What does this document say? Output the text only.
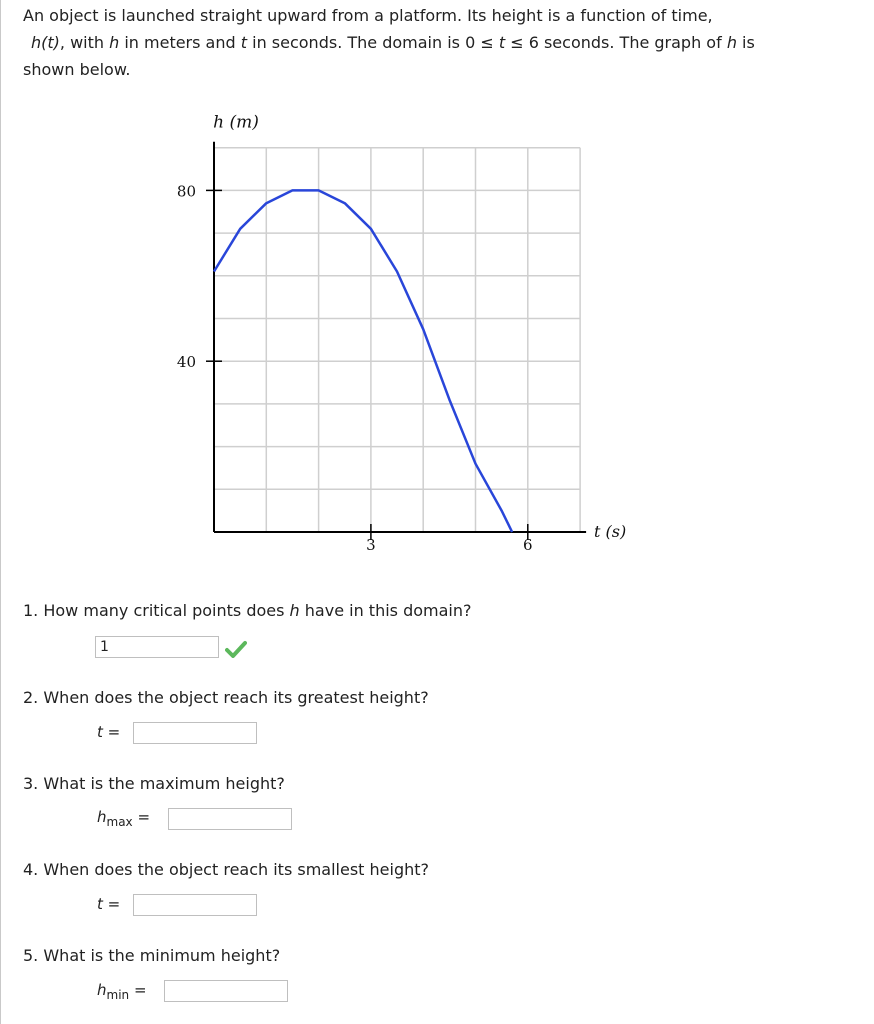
An object is launched straight upward from a platform. Its height is a function of time,
h(t), with h in meters and t in seconds. The domain is 0 ≤ t ≤ 6 seconds. The graph of h is
shown below.
40
80
3	6
h (m)
t (s)
1. How many critical points does h have in this domain?
1
2. When does the object reach its greatest height?
t =
3. What is the maximum height?
$h_{max}$ =
4. When does the object reach its smallest height?
t =
5. What is the minimum height?
$h_{min}$ =
